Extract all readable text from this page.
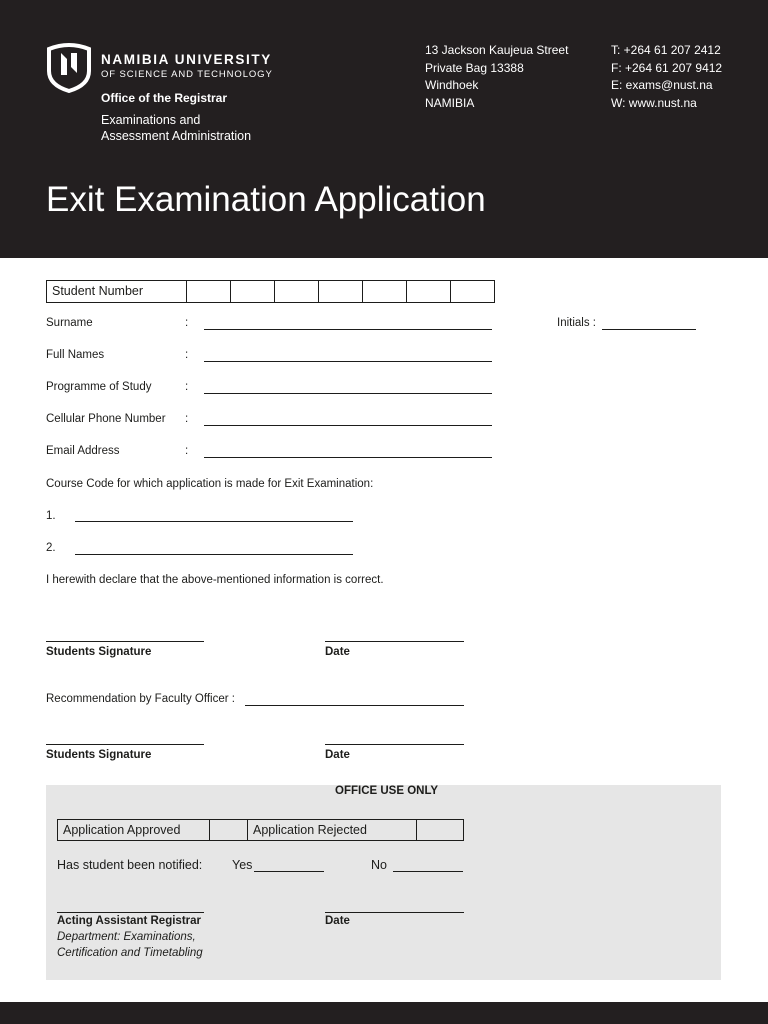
NAMIBIA UNIVERSITY
OF SCIENCE AND TECHNOLOGY
Office of the Registrar
Examinations and
Assessment Administration
13 Jackson Kaujeua Street
Private Bag 13388
Windhoek
NAMIBIA
T: +264 61 207 2412
F: +264 61 207 9412
E: exams@nust.na
W: www.nust.na
Exit Examination Application
Student Number
Surname	:	Initials :
Full Names	:
Programme of Study	:
Cellular Phone Number :
Email Address	:
Course Code for which application is made for Exit Examination:
1.
2.
I herewith declare that the above-mentioned information is correct.
Students Signature	Date
Recommendation by Faculty Officer :
Students Signature	Date
OFFICE USE ONLY
Application Approved	Application Rejected
Has student been notified: Yes	No
Acting Assistant Registrar
Department: Examinations,
Certification and Timetabling
Date
